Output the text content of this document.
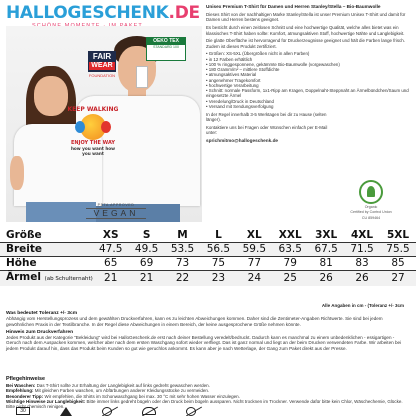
HALLOGESCHENK.DE
FAIR
WEAR
FOUNDATION
OEKO TEX
STANDARD 100
KEEP WALKING
ENJOY THE WAY
how you want how you want
PETA APPROVED
VEGAN

Unisex Premium T-Shirt für Damen und Herren Stanley/Stella – Bio-Baumwolle

Dieses Shirt von der nachhaltigen Marke Stanley/Stella ist unser Premium Unisex T-Shirt und damit für Damen und Herren bestens geeignet.

Es besticht durch einen zeitlosen Schnitt und eine hochwertige Qualität, welche alles bietet was ein klassisches T-Shirt haben sollte: Komfort, atmungsaktiven Stoff, hochwertige Nähte und Langlebigkeit.

Die glatte Oberfläche ist hervorragend für Druckerzeugnisse geeignet und hält die Farben lange frisch. Zudem ist dieses Produkt zertifiziert.

• Größen: XS-5XL (Übergrößen nicht in allen Farben)
• in 12 Farben erhältlich
• 100 % ringgesponnene, gekämmte Bio-Baumwolle (vorgewaschen)
• 180 Gramm/m² – mittlere Stoffdichte
• atmungsaktives Material
• angenehmer Tragekomfort
• hochwertige Verarbeitung
• Schnitt: normale Passform, 1x1-Ripp am Kragen, Doppelnaht-Steppnaht an Ärmelbündchen/Saum und eingesetzte Ärmel
• Veredelung/Druck in Deutschland
• Versand mit Sendungsverfolgung

In der Regel innerhalb 3-5 Werktagen bei dir zu Hause (selten länger).

Kontaktiere uns bei Fragen oder Wünschen einfach per E-Mail unter:

sprichmitmo@hallogeschenk.de

Organic
Certified by Control Union
CU 859464
Größe	XS	S	M	L	XL	XXL	3XL	4XL	5XL
Breite	47.5	49.5	53.5	56.5	59.5	63.5	67.5	71.5	75.5
Höhe	65	69	73	75	77	79	81	83	85
Ärmel (ab Schulternaht)	21	21	22	23	24	25	26	26	27
Alle Angaben in cm - (Toleranz +/- 3cm
Was bedeutet Toleranz +/- 3cm

Abhängig vom Herstellungsprozess und dem gewählten Druckverfahren, kann es zu leichten Abweichungen kommen. Daher sind die Zentimeter-Angaben Richtwerte. Sie sind bei jedem gewöhnlichen Praxis in der Textilbranche. In der Regel diese Abweichungen in einem Bereich, der keine ausgesprochene Größe nehmen könnte.

Hinweis zum Druckverfahren

Jedes Produkt aus der Kategorie "Bekleidung" wird bei HalloGeschenk.de erst nach deiner Bestellung veredelt/bedruckt. Dadurch kann es manchmal zu einem unbedenklichen - essigartigen - Geruch nach dem Auspacken kommen, welcher aber nach dem ersten Waschgang sofort wieder verfliegt. Das ist ganz normal und liegt an der beim Drucken verwendeten Farbe. Wir arbeiten bei jedem Produkt darauf hin, dass das Produkt beim Kunden so gut wie geruchlos ankommt. Es kann aber je nach Wetterlage, der Gang zum Paket direkt aus der Presse.

Pflegehinweise
Bei Waschen: Das T-Shirt sollte zur Erhaltung der Langlebigkeit auf links gedreht gewaschen werden.
Empfehlung: Mit gleichen Farben waschen, um Abfärbungen anderer Kleidungsstücke zu vermeiden.
Besonderer Tipp: Wir empfehlen, die Shirts im Schonwaschgang bei max. 30 °C mit sehr hohen Wasser einzulegen.
Wichtige Hinweise zur Langlebigkeit: Bitte immer links gedreht bügeln oder den Druck beim bügeln aussparen. Nicht trocknen im Trockner. Verwende dafür bitte kein Chlor, Wäschechemie, Glücke. Bitte nicht chemisch reinigen.
30
